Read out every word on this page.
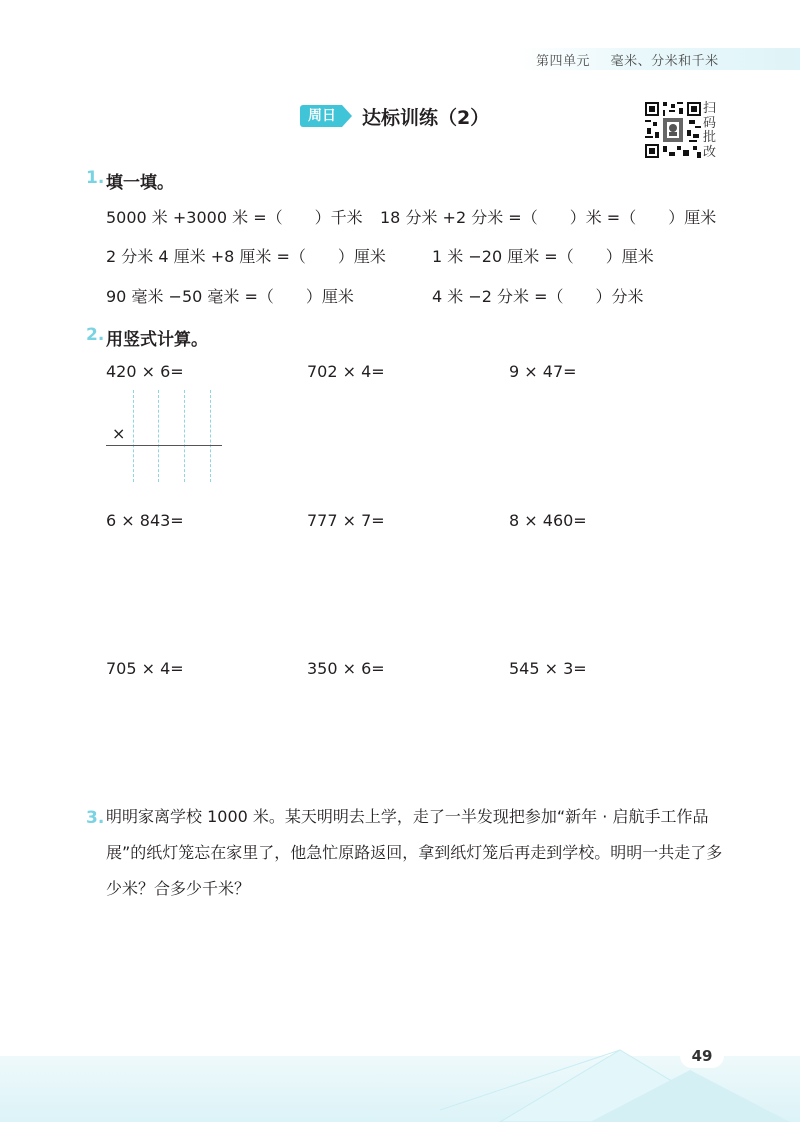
第四单元 毫米、分米和千米
周日	达标训练（2）	扫
码
批
改
1. 填一填。
5000 米 +3000 米 =（　　）千米 18 分米 +2 分米 =（　　）米 =（　　）厘米
2 分米 4 厘米 +8 厘米 =（　　）厘米	1 米 −20 厘米 =（　　）厘米
90 毫米 −50 毫米 =（　　）厘米	4 米 −2 分米 =（　　）分米
2. 用竖式计算。
420 × 6=	702 × 4=	9 × 47=
×
6 × 843=	777 × 7=	8 × 460=
705 × 4=	350 × 6=	545 × 3=
3. 明明家离学校 1000 米。某天明明去上学，走了一半发现把参加“新年 · 启航手工作品展”的纸灯笼忘在家里了，他急忙原路返回，拿到纸灯笼后再走到学校。明明一共走了多少米？合多少千米？
49
